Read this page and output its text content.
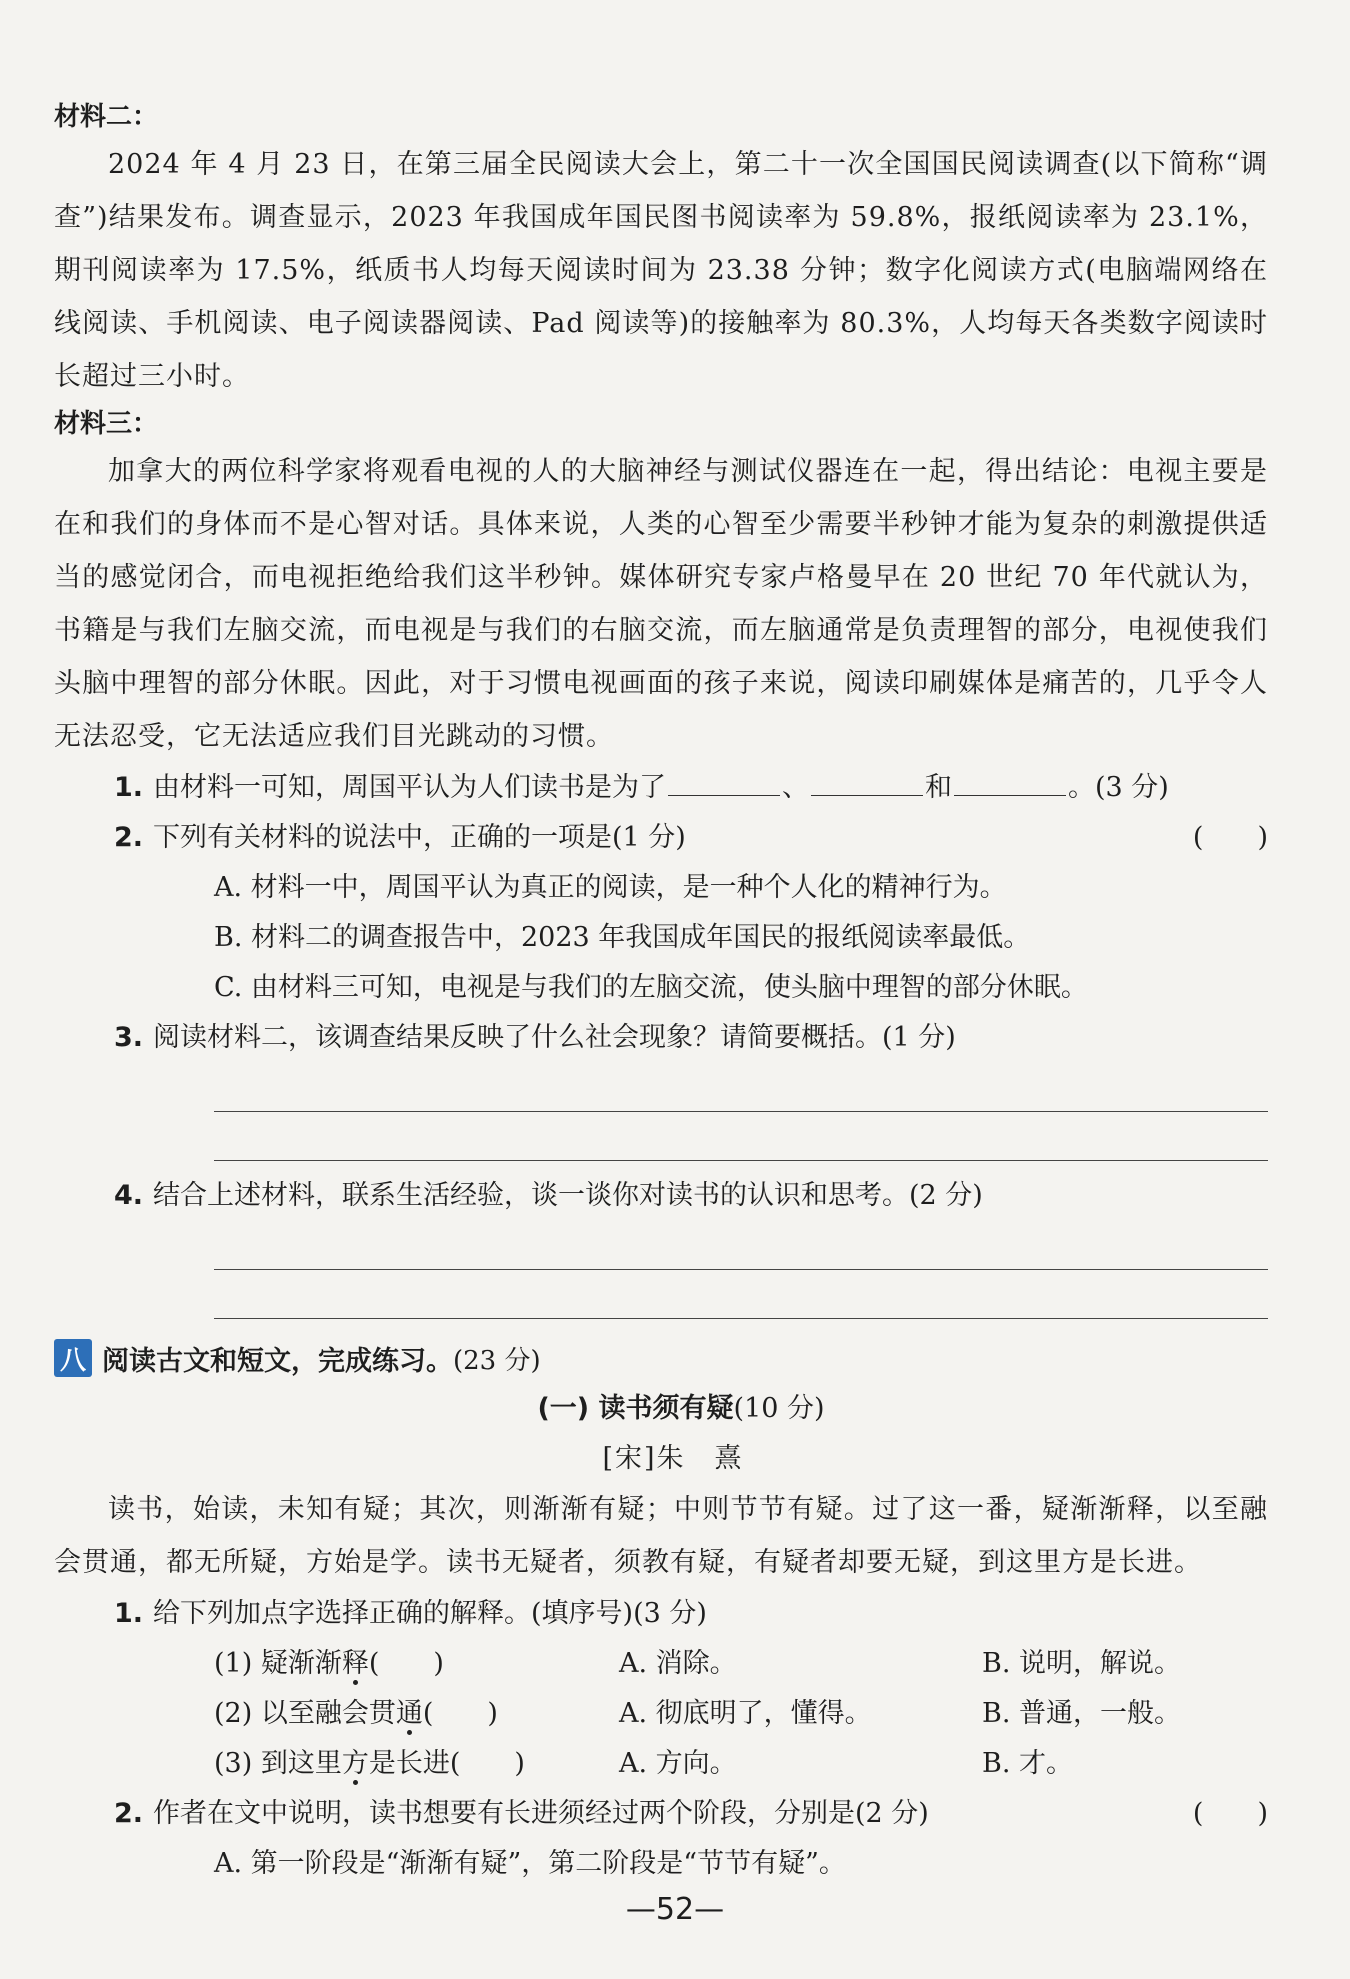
材料二：

2024 年 4 月 23 日，在第三届全民阅读大会上，第二十一次全国国民阅读调查(以下简称“调查”)结果发布。调查显示，2023 年我国成年国民图书阅读率为 59.8%，报纸阅读率为 23.1%，期刊阅读率为 17.5%，纸质书人均每天阅读时间为 23.38 分钟；数字化阅读方式(电脑端网络在线阅读、手机阅读、电子阅读器阅读、Pad 阅读等)的接触率为 80.3%，人均每天各类数字阅读时长超过三小时。

材料三：

加拿大的两位科学家将观看电视的人的大脑神经与测试仪器连在一起，得出结论：电视主要是在和我们的身体而不是心智对话。具体来说，人类的心智至少需要半秒钟才能为复杂的刺激提供适当的感觉闭合，而电视拒绝给我们这半秒钟。媒体研究专家卢格曼早在 20 世纪 70 年代就认为，书籍是与我们左脑交流，而电视是与我们的右脑交流，而左脑通常是负责理智的部分，电视使我们头脑中理智的部分休眠。因此，对于习惯电视画面的孩子来说，阅读印刷媒体是痛苦的，几乎令人无法忍受，它无法适应我们目光跳动的习惯。

1. 由材料一可知，周国平认为人们读书是为了	、	和	。(3 分)
2. 下列有关材料的说法中，正确的一项是(1 分)	(　　)

A. 材料一中，周国平认为真正的阅读，是一种个人化的精神行为。

B. 材料二的调查报告中，2023 年我国成年国民的报纸阅读率最低。

C. 由材料三可知，电视是与我们的左脑交流，使头脑中理智的部分休眠。

3. 阅读材料二，该调查结果反映了什么社会现象？请简要概括。(1 分)
4. 结合上述材料，联系生活经验，谈一谈你对读书的认识和思考。(2 分)
八 阅读古文和短文，完成练习。 (23 分)

(一) 读书须有疑(10 分)

[宋]朱　熹

读书，始读，未知有疑；其次，则渐渐有疑；中则节节有疑。过了这一番，疑渐渐释，以至融会贯通，都无所疑，方始是学。读书无疑者，须教有疑，有疑者却要无疑，到这里方是长进。

1. 给下列加点字选择正确的解释。(填序号)(3 分)
(1) 疑渐渐释(　　)	A. 消除。	B. 说明，解说。
(2) 以至融会贯通(　　)	A. 彻底明了，懂得。	B. 普通，一般。
(3) 到这里方是长进(　　)	A. 方向。	B. 才。
2. 作者在文中说明，读书想要有长进须经过两个阶段，分别是(2 分)	(　　)

A. 第一阶段是“渐渐有疑”，第二阶段是“节节有疑”。

—52—
